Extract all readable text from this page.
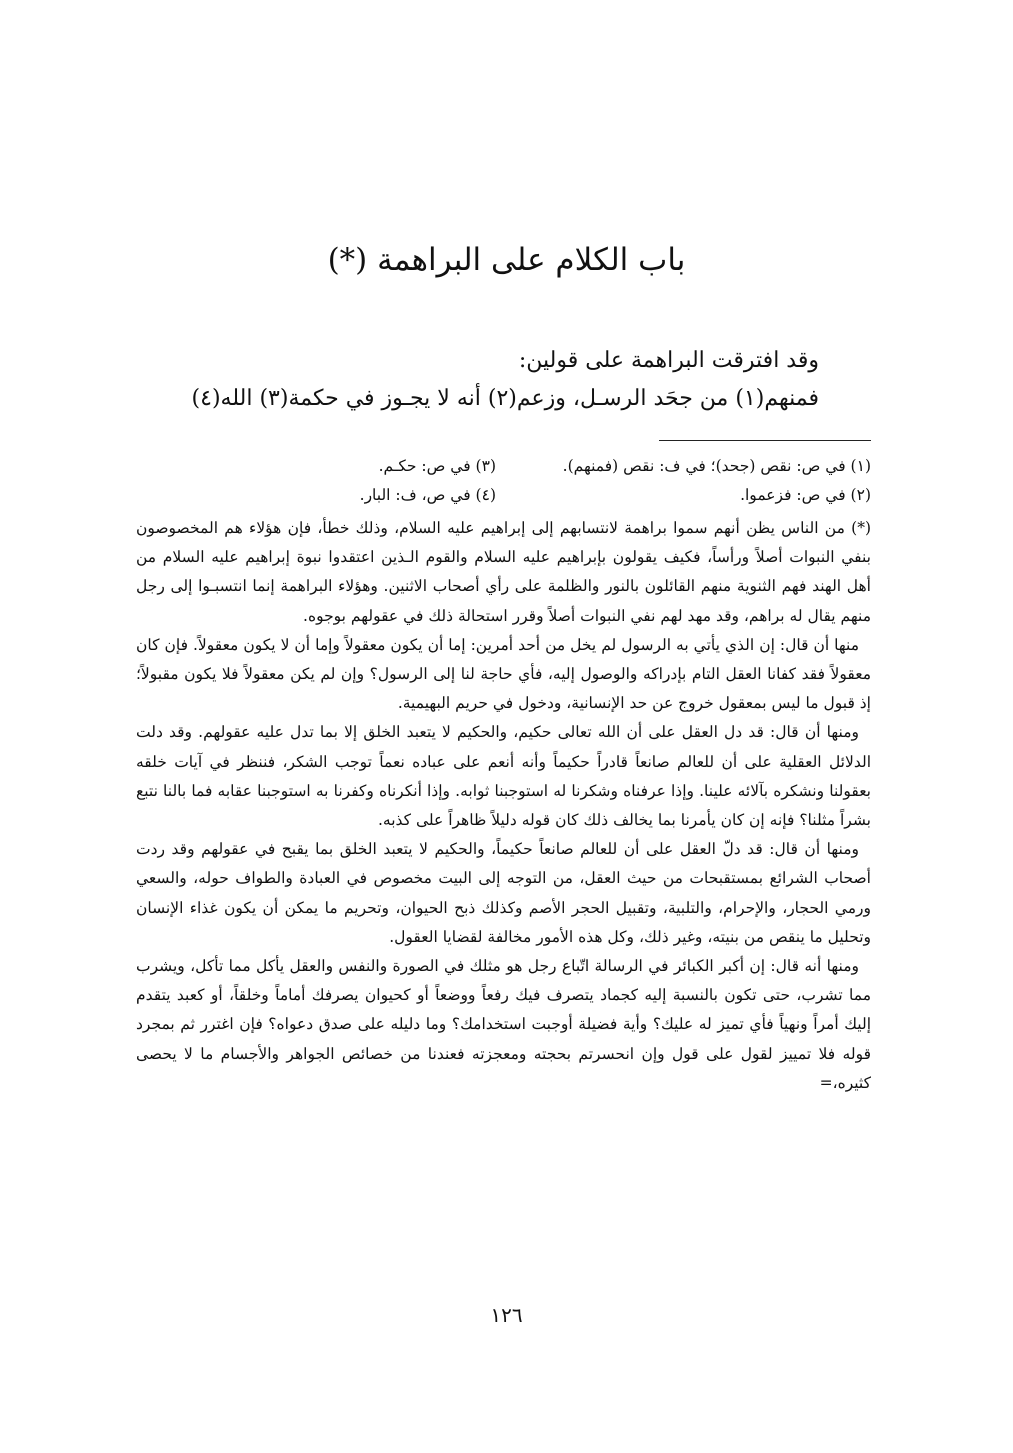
باب الكلام على البراهمة (*)

وقد افترقت البراهمة على قولين:

فمنهم(١) من جحَد الرسـل، وزعم(٢) أنه لا يجـوز في حكمة(٣) الله(٤)

(١) في ص: نقص (جحد)؛ في ف: نقص (فمنهم).
(٣) في ص: حكـم.
(٢) في ص: فزعموا.
(٤) في ص، ف: البار.

(*) من الناس يظن أنهم سموا براهمة لانتسابهم إلى إبراهيم عليه السلام، وذلك خطأ، فإن هؤلاء هم المخصوصون بنفي النبوات أصلاً ورأساً، فكيف يقولون بإبراهيم عليه السلام والقوم الـذين اعتقدوا نبوة إبراهيم عليه السلام من أهل الهند فهم الثنوية منهم القائلون بالنور والظلمة على رأي أصحاب الاثنين. وهؤلاء البراهمة إنما انتسبـوا إلى رجل منهم يقال له براهم، وقد مهد لهم نفي النبوات أصلاً وقرر استحالة ذلك في عقولهم بوجوه.

منها أن قال: إن الذي يأتي به الرسول لم يخل من أحد أمرين: إما أن يكون معقولاً وإما أن لا يكون معقولاً. فإن كان معقولاً فقد كفانا العقل التام بإدراكه والوصول إليه، فأي حاجة لنا إلى الرسول؟ وإن لم يكن معقولاً فلا يكون مقبولاً؛ إذ قبول ما ليس بمعقول خروج عن حد الإنسانية، ودخول في حريم البهيمية.

ومنها أن قال: قد دل العقل على أن الله تعالى حكيم، والحكيم لا يتعبد الخلق إلا بما تدل عليه عقولهم. وقد دلت الدلائل العقلية على أن للعالم صانعاً قادراً حكيماً وأنه أنعم على عباده نعماً توجب الشكر، فننظر في آيات خلقه بعقولنا ونشكره بآلائه علينا. وإذا عرفناه وشكرنا له استوجبنا ثوابه. وإذا أنكرناه وكفرنا به استوجبنا عقابه فما بالنا نتبع بشراً مثلنا؟ فإنه إن كان يأمرنا بما يخالف ذلك كان قوله دليلاً ظاهراً على كذبه.

ومنها أن قال: قد دلّ العقل على أن للعالم صانعاً حكيماً، والحكيم لا يتعبد الخلق بما يقبح في عقولهم وقد ردت أصحاب الشرائع بمستقبحات من حيث العقل، من التوجه إلى البيت مخصوص في العبادة والطواف حوله، والسعي ورمي الحجار، والإحرام، والتلبية، وتقبيل الحجر الأصم وكذلك ذبح الحيوان، وتحريم ما يمكن أن يكون غذاء الإنسان وتحليل ما ينقص من بنيته، وغير ذلك، وكل هذه الأمور مخالفة لقضايا العقول.

ومنها أنه قال: إن أكبر الكبائر في الرسالة اتّباع رجل هو مثلك في الصورة والنفس والعقل يأكل مما تأكل، ويشرب مما تشرب، حتى تكون بالنسبة إليه كجماد يتصرف فيك رفعاً ووضعاً أو كحيوان يصرفك أماماً وخلقاً، أو كعبد يتقدم إليك أمراً ونهياً فأي تميز له عليك؟ وأية فضيلة أوجبت استخدامك؟ وما دليله على صدق دعواه؟ فإن اغترر ثم بمجرد قوله فلا تمييز لقول على قول وإن انحسرتم بحجته ومعجزته فعندنا من خصائص الجواهر والأجسام ما لا يحصى كثيره،=

١٢٦
